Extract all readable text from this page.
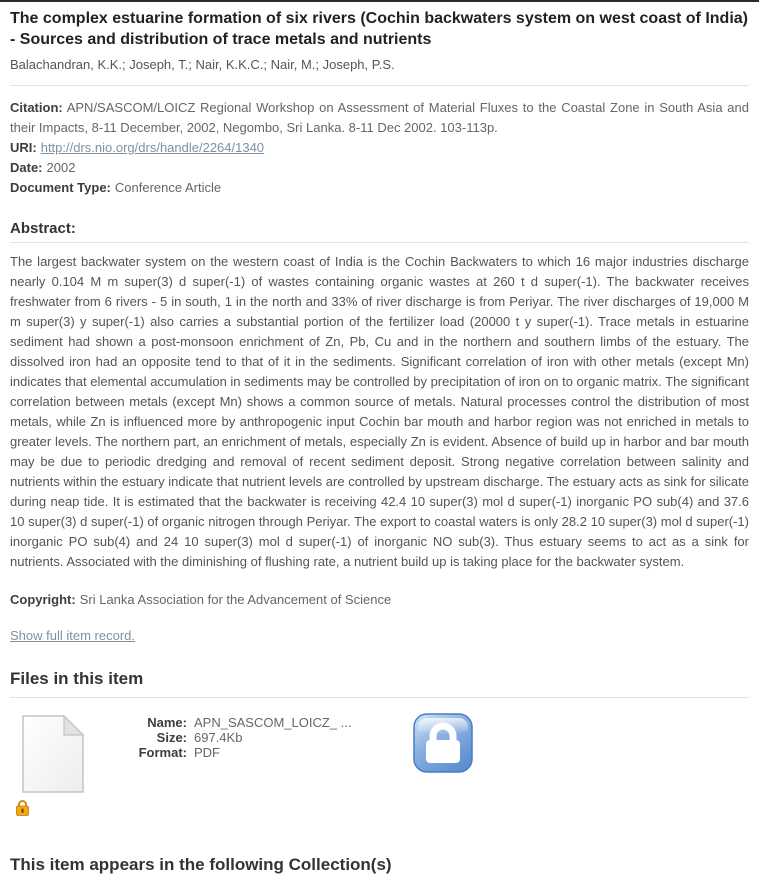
The complex estuarine formation of six rivers (Cochin backwaters system on west coast of India) - Sources and distribution of trace metals and nutrients

Balachandran, K.K.; Joseph, T.; Nair, K.K.C.; Nair, M.; Joseph, P.S.

Citation: APN/SASCOM/LOICZ Regional Workshop on Assessment of Material Fluxes to the Coastal Zone in South Asia and their Impacts, 8-11 December, 2002, Negombo, Sri Lanka. 8-11 Dec 2002. 103-113p.

URI: http://drs.nio.org/drs/handle/2264/1340

Date: 2002

Document Type: Conference Article

Abstract:

The largest backwater system on the western coast of India is the Cochin Backwaters to which 16 major industries discharge nearly 0.104 M m super(3) d super(-1) of wastes containing organic wastes at 260 t d super(-1). The backwater receives freshwater from 6 rivers - 5 in south, 1 in the north and 33% of river discharge is from Periyar. The river discharges of 19,000 M m super(3) y super(-1) also carries a substantial portion of the fertilizer load (20000 t y super(-1). Trace metals in estuarine sediment had shown a post-monsoon enrichment of Zn, Pb, Cu and in the northern and southern limbs of the estuary. The dissolved iron had an opposite tend to that of it in the sediments. Significant correlation of iron with other metals (except Mn) indicates that elemental accumulation in sediments may be controlled by precipitation of iron on to organic matrix. The significant correlation between metals (except Mn) shows a common source of metals. Natural processes control the distribution of most metals, while Zn is influenced more by anthropogenic input Cochin bar mouth and harbor region was not enriched in metals to greater levels. The northern part, an enrichment of metals, especially Zn is evident. Absence of build up in harbor and bar mouth may be due to periodic dredging and removal of recent sediment deposit. Strong negative correlation between salinity and nutrients within the estuary indicate that nutrient levels are controlled by upstream discharge. The estuary acts as sink for silicate during neap tide. It is estimated that the backwater is receiving 42.4 10 super(3) mol d super(-1) inorganic PO sub(4) and 37.6 10 super(3) d super(-1) of organic nitrogen through Periyar. The export to coastal waters is only 28.2 10 super(3) mol d super(-1) inorganic PO sub(4) and 24 10 super(3) mol d super(-1) of inorganic NO sub(3). Thus estuary seems to act as a sink for nutrients. Associated with the diminishing of flushing rate, a nutrient build up is taking place for the backwater system.

Copyright: Sri Lanka Association for the Advancement of Science

Show full item record.
Files in this item
Name:	APN_SASCOM_LOICZ_ ...
Size:	697.4Kb
Format:	PDF
This item appears in the following Collection(s)
